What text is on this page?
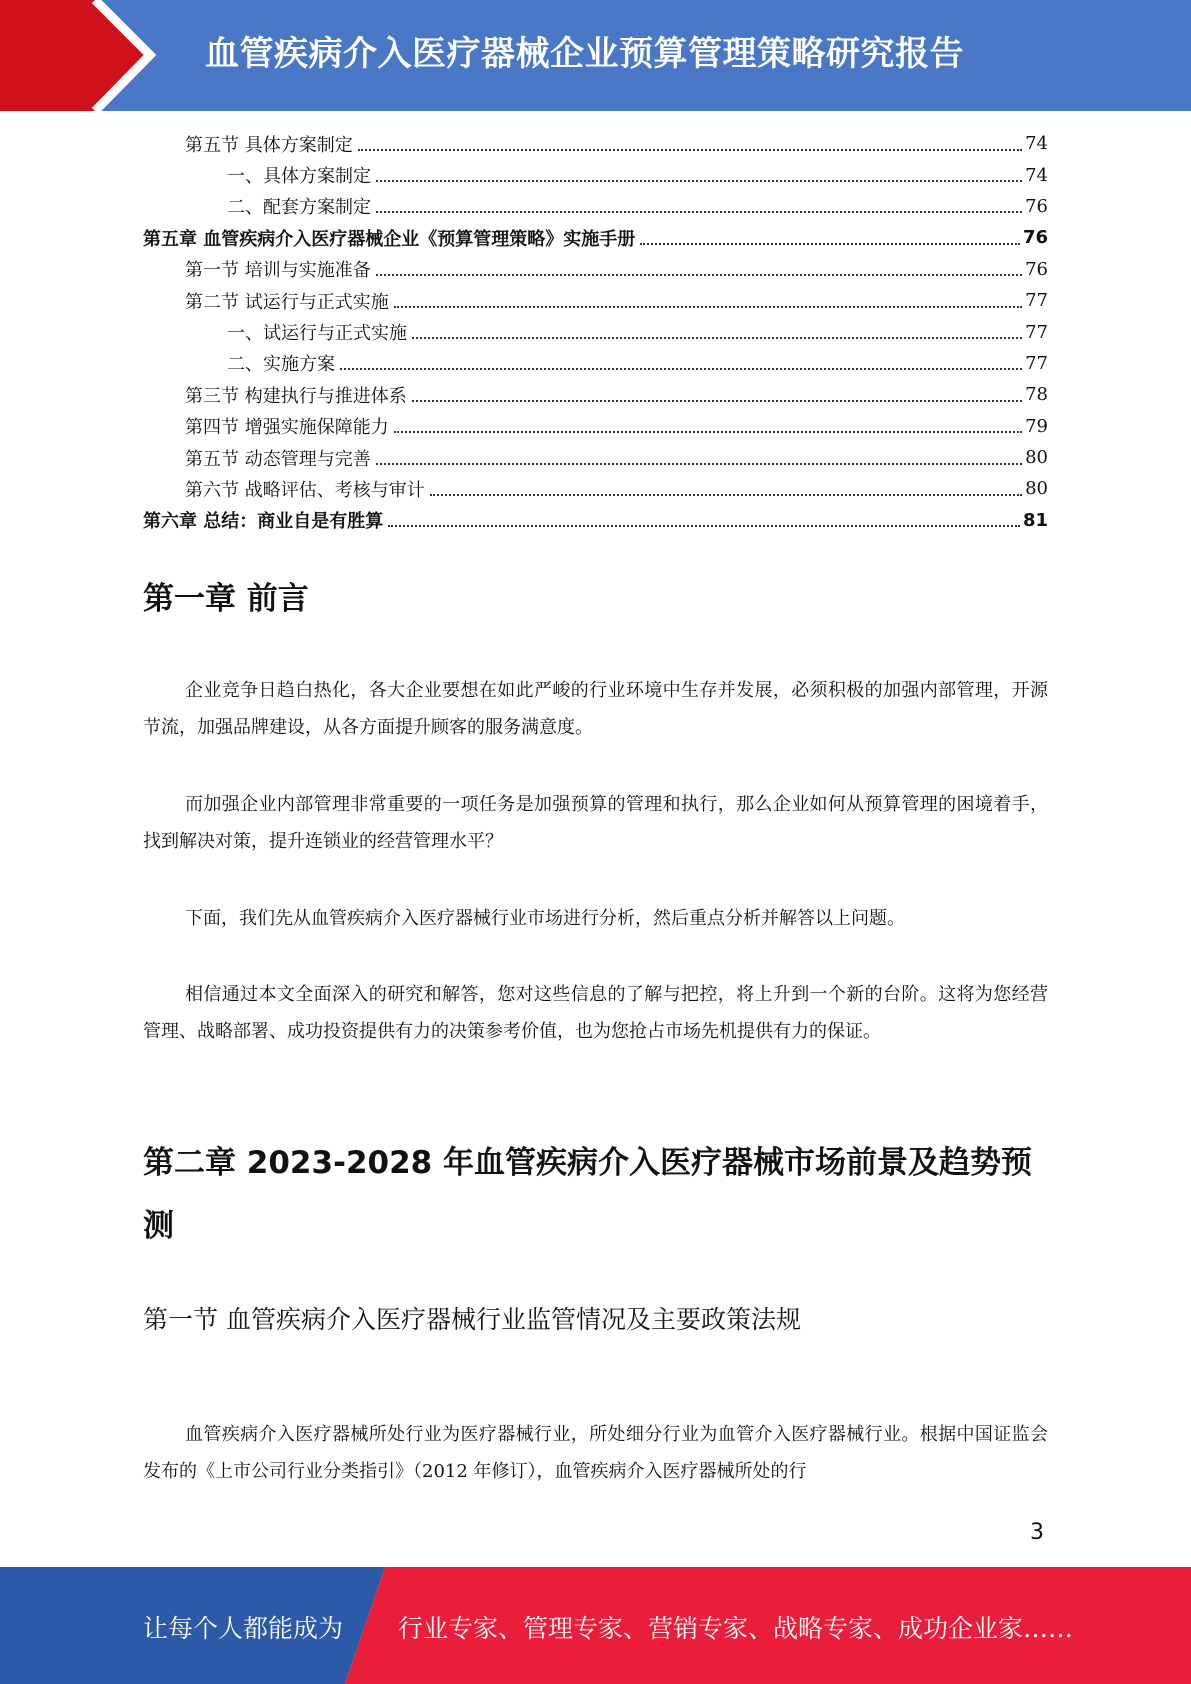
血管疾病介入医疗器械企业预算管理策略研究报告
第五节 具体方案制定	74
一、具体方案制定	74
二、配套方案制定	76
第五章 血管疾病介入医疗器械企业《预算管理策略》实施手册	76
第一节 培训与实施准备	76
第二节 试运行与正式实施	77
一、试运行与正式实施	77
二、实施方案	77
第三节 构建执行与推进体系	78
第四节 增强实施保障能力	79
第五节 动态管理与完善	80
第六节 战略评估、考核与审计	80
第六章 总结：商业自是有胜算	81
第一章 前言
企业竞争日趋白热化，各大企业要想在如此严峻的行业环境中生存并发展，必须积极的加强内部管理，开源节流，加强品牌建设，从各方面提升顾客的服务满意度。
而加强企业内部管理非常重要的一项任务是加强预算的管理和执行，那么企业如何从预算管理的困境着手，找到解决对策，提升连锁业的经营管理水平？
下面，我们先从血管疾病介入医疗器械行业市场进行分析，然后重点分析并解答以上问题。
相信通过本文全面深入的研究和解答，您对这些信息的了解与把控，将上升到一个新的台阶。这将为您经营管理、战略部署、成功投资提供有力的决策参考价值，也为您抢占市场先机提供有力的保证。
第二章 2023-2028 年血管疾病介入医疗器械市场前景及趋势预测
第一节 血管疾病介入医疗器械行业监管情况及主要政策法规
血管疾病介入医疗器械所处行业为医疗器械行业，所处细分行业为血管介入医疗器械行业。根据中国证监会发布的《上市公司行业分类指引》（2012 年修订），血管疾病介入医疗器械所处的行
3
让每个人都能成为 行业专家、管理专家、营销专家、战略专家、成功企业家……
